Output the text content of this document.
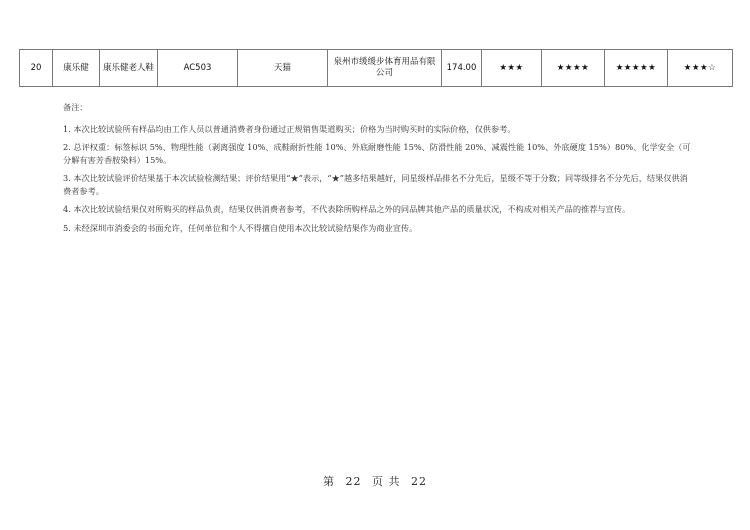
20	康乐健	康乐健老人鞋	AC503	天猫	泉州市缓缓步体育用品有限公司	174.00	★★★	★★★★	★★★★★	★★★☆

备注：

1. 本次比较试验所有样品均由工作人员以普通消费者身份通过正规销售渠道购买；价格为当时购买时的实际价格，仅供参考。

2. 总评权重：标签标识 5%、物理性能（剥离强度 10%、成鞋耐折性能 10%、外底耐磨性能 15%、防滑性能 20%、减震性能 10%、外底硬度 15%）80%、化学安全（可分解有害芳香胺染料）15%。

3. 本次比较试验评价结果基于本次试验检测结果；评价结果用“★”表示，“★”越多结果越好，同星级样品排名不分先后，星级不等于分数；同等级排名不分先后，结果仅供消费者参考。

4. 本次比较试验结果仅对所购买的样品负责，结果仅供消费者参考，不代表除所购样品之外的同品牌其他产品的质量状况，不构成对相关产品的推荐与宣传。

5. 未经深圳市消委会的书面允许，任何单位和个人不得擅自使用本次比较试验结果作为商业宣传。

第 22 页 共 22
